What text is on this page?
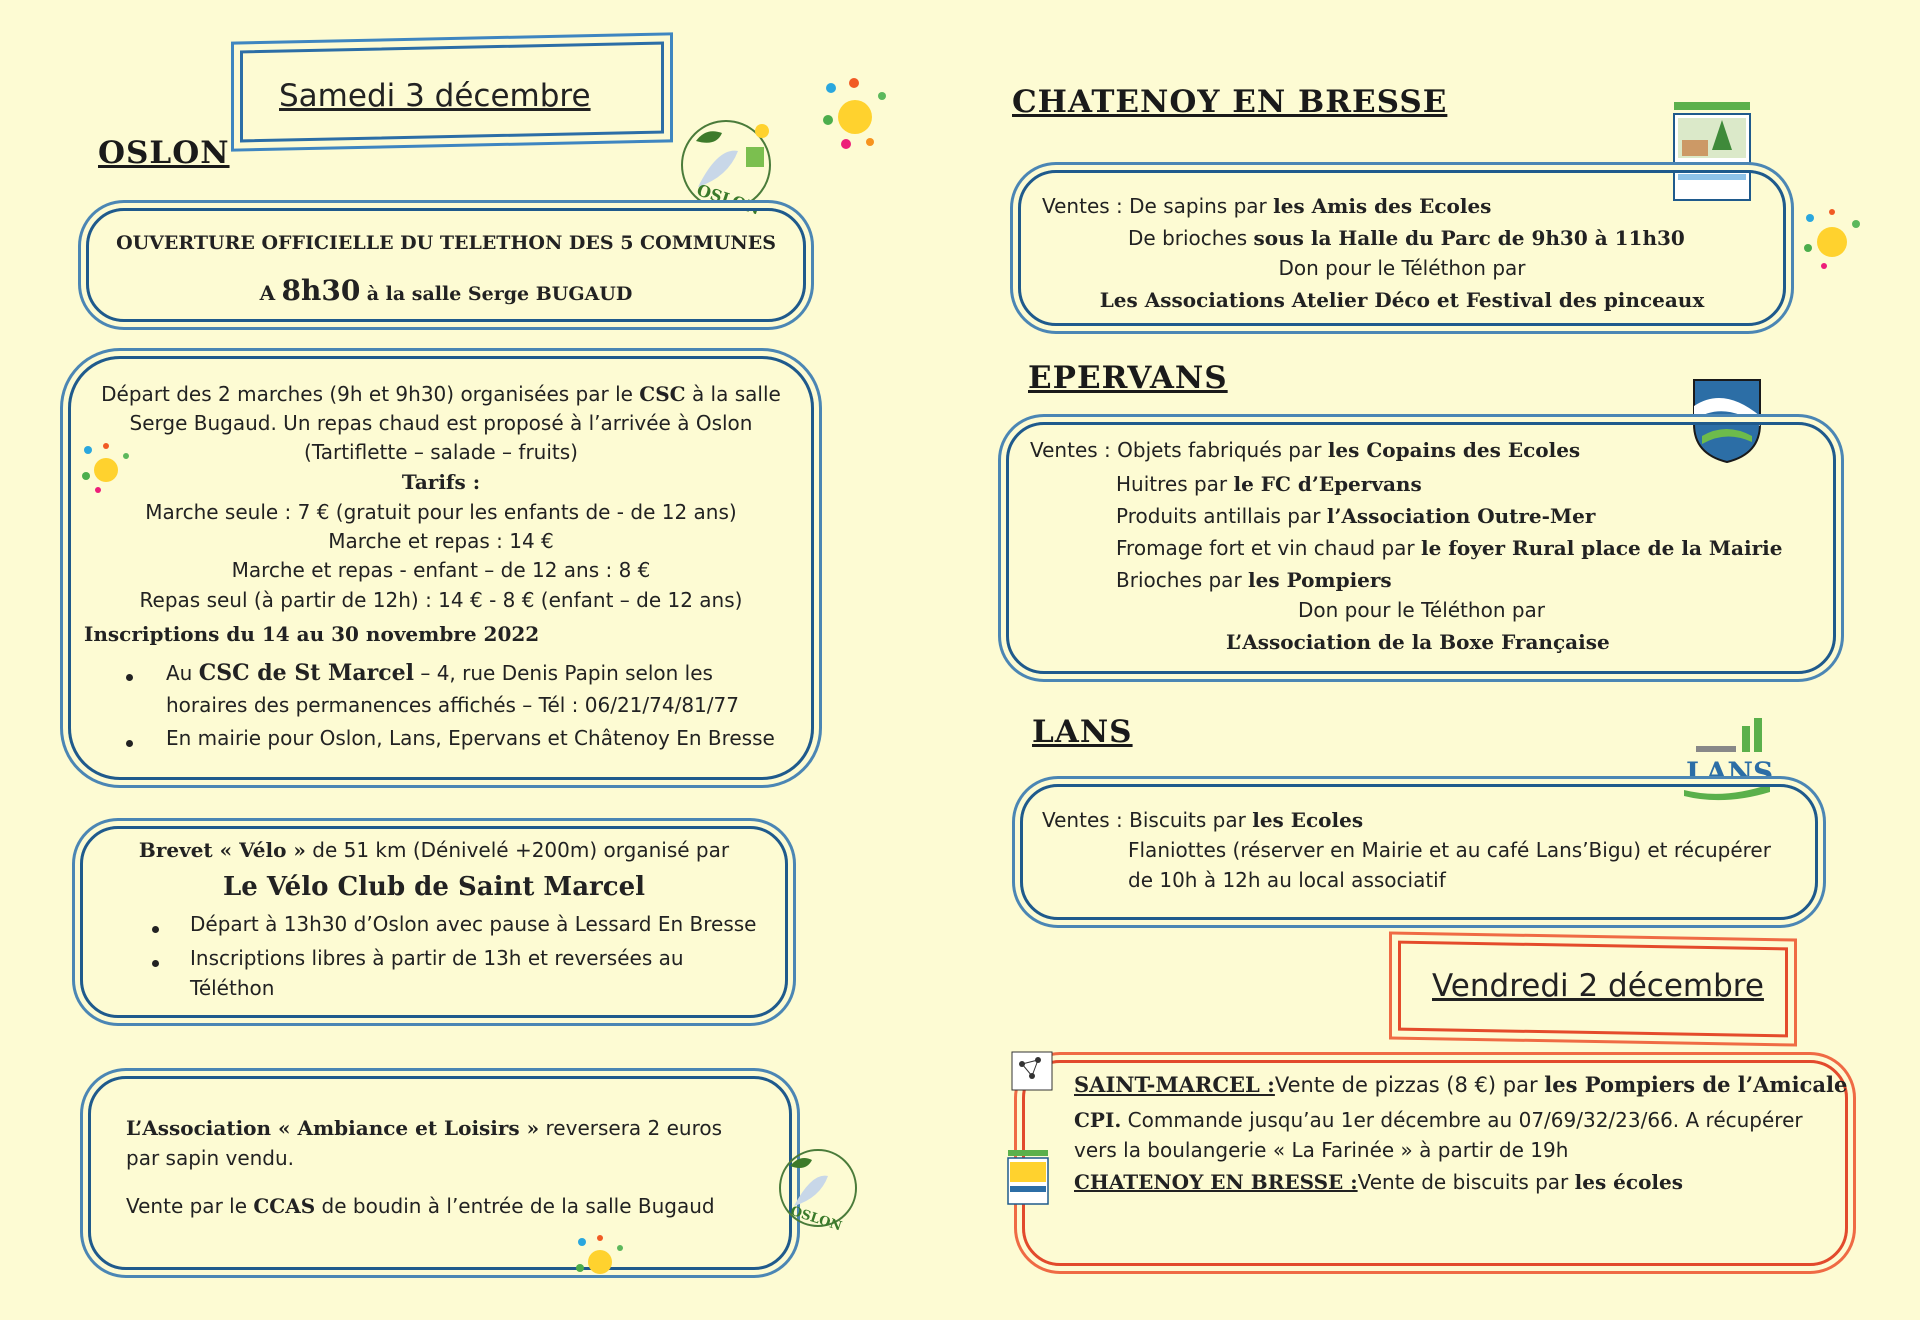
Samedi 3 décembre
OSLON
OSLON
OUVERTURE OFFICIELLE DU TELETHON DES 5 COMMUNES
A 8h30 à la salle Serge BUGAUD
Départ des 2 marches (9h et 9h30) organisées par le CSC à la salle
Serge Bugaud. Un repas chaud est proposé à l’arrivée à Oslon
(Tartiflette – salade – fruits)
Tarifs :
Marche seule : 7 € (gratuit pour les enfants de - de 12 ans)
Marche et repas : 14 €
Marche et repas - enfant – de 12 ans : 8 €
Repas seul (à partir de 12h) : 14 € - 8 € (enfant – de 12 ans)
Inscriptions du 14 au 30 novembre 2022
Au CSC de St Marcel – 4, rue Denis Papin selon les
horaires des permanences affichés – Tél : 06/21/74/81/77
En mairie pour Oslon, Lans, Epervans et Châtenoy En Bresse
Brevet « Vélo » de 51 km (Dénivelé +200m) organisé par
Le Vélo Club de Saint Marcel
Départ à 13h30 d’Oslon avec pause à Lessard En Bresse
Inscriptions libres à partir de 13h et reversées au
Téléthon
L’Association « Ambiance et Loisirs » reversera 2 euros
par sapin vendu.
Vente par le CCAS de boudin à l’entrée de la salle Bugaud	OSLON
CHATENOY EN BRESSE
Ventes : De sapins par les Amis des Ecoles
De brioches sous la Halle du Parc de 9h30 à 11h30
Don pour le Téléthon par
Les Associations Atelier Déco et Festival des pinceaux
EPERVANS
Ventes : Objets fabriqués par les Copains des Ecoles
Huitres par le FC d’Epervans
Produits antillais par l’Association Outre-Mer
Fromage fort et vin chaud par le foyer Rural place de la Mairie
Brioches par les Pompiers
Don pour le Téléthon par
L’Association de la Boxe Française
LANS
LANS
Ventes : Biscuits par les Ecoles
Flaniottes (réserver en Mairie et au café Lans’Bigu) et récupérer
de 10h à 12h au local associatif
Vendredi 2 décembre
SAINT-MARCEL :Vente de pizzas (8 €) par les Pompiers de l’Amicale
CPI. Commande jusqu’au 1er décembre au 07/69/32/23/66. A récupérer
vers la boulangerie « La Farinée » à partir de 19h
CHATENOY EN BRESSE :Vente de biscuits par les écoles
